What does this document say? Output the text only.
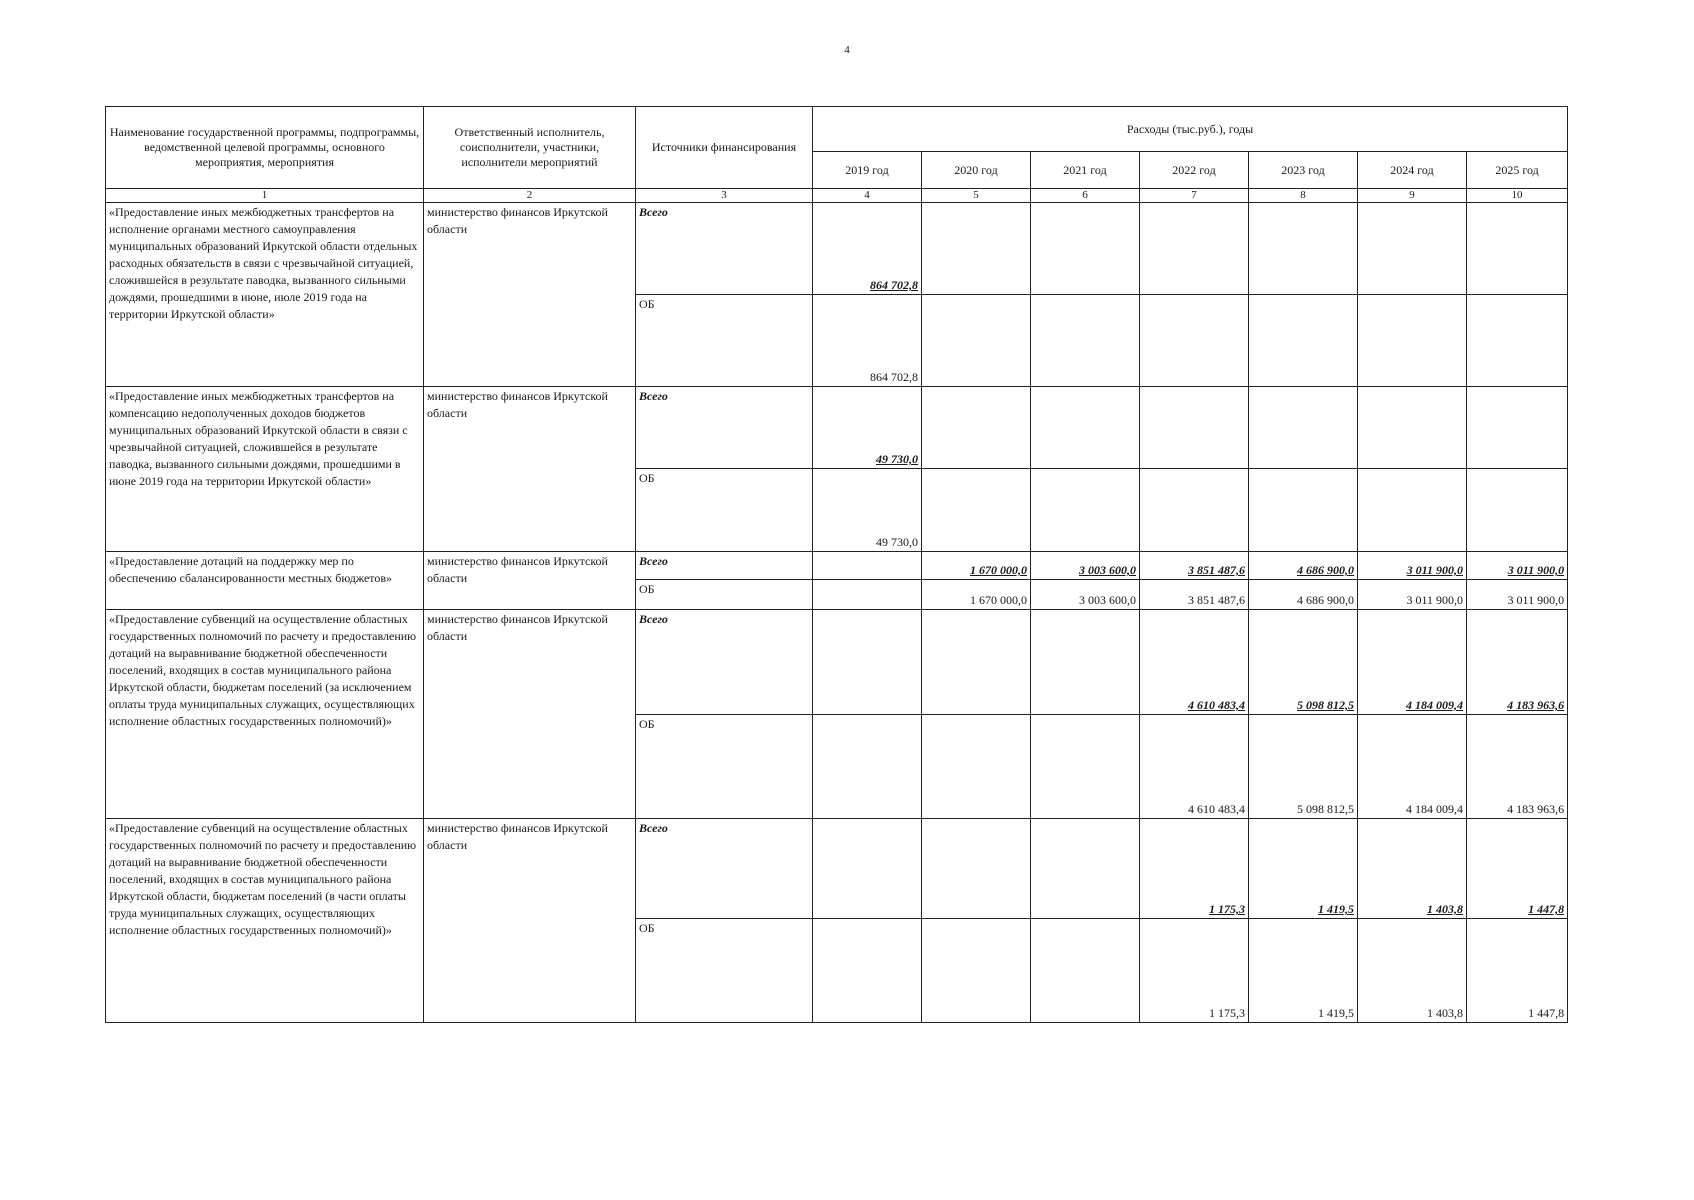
4
Наименование государственной программы, подпрограммы, ведомственной целевой программы, основного мероприятия, мероприятия	Ответственный исполнитель, соисполнители, участники, исполнители мероприятий	Источники финансирования	Расходы (тыс.руб.), годы						
			2019 год	2020 год	2021 год	2022 год	2023 год	2024 год	2025 год
1	2	3	4	5	6	7	8	9	10
«Предоставление иных межбюджетных трансфертов на исполнение органами местного самоуправления муниципальных образований Иркутской области отдельных расходных обязательств в связи с чрезвычайной ситуацией, сложившейся в результате паводка, вызванного сильными дождями, прошедшими в июне, июле 2019 года на территории Иркутской области»	министерство финансов Иркутской области	Всего	864 702,8						
		ОБ	864 702,8						
«Предоставление иных межбюджетных трансфертов на компенсацию недополученных доходов бюджетов муниципальных образований Иркутской области в связи с чрезвычайной ситуацией, сложившейся в результате паводка, вызванного сильными дождями, прошедшими в июне 2019 года на территории Иркутской области»	министерство финансов Иркутской области	Всего	49 730,0						
		ОБ	49 730,0						
«Предоставление дотаций на поддержку мер по обеспечению сбалансированности местных бюджетов»	министерство финансов Иркутской области	Всего		1 670 000,0	3 003 600,0	3 851 487,6	4 686 900,0	3 011 900,0	3 011 900,0
		ОБ		1 670 000,0	3 003 600,0	3 851 487,6	4 686 900,0	3 011 900,0	3 011 900,0
«Предоставление субвенций на осуществление областных государственных полномочий по расчету и предоставлению дотаций на выравнивание бюджетной обеспеченности поселений, входящих в состав муниципального района Иркутской области, бюджетам поселений (за исключением оплаты труда муниципальных служащих, осуществляющих исполнение областных государственных полномочий)»	министерство финансов Иркутской области	Всего				4 610 483,4	5 098 812,5	4 184 009,4	4 183 963,6
		ОБ				4 610 483,4	5 098 812,5	4 184 009,4	4 183 963,6
«Предоставление субвенций на осуществление областных государственных полномочий по расчету и предоставлению дотаций на выравнивание бюджетной обеспеченности поселений, входящих в состав муниципального района Иркутской области, бюджетам поселений (в части оплаты труда муниципальных служащих, осуществляющих исполнение областных государственных полномочий)»	министерство финансов Иркутской области	Всего				1 175,3	1 419,5	1 403,8	1 447,8
		ОБ				1 175,3	1 419,5	1 403,8	1 447,8
